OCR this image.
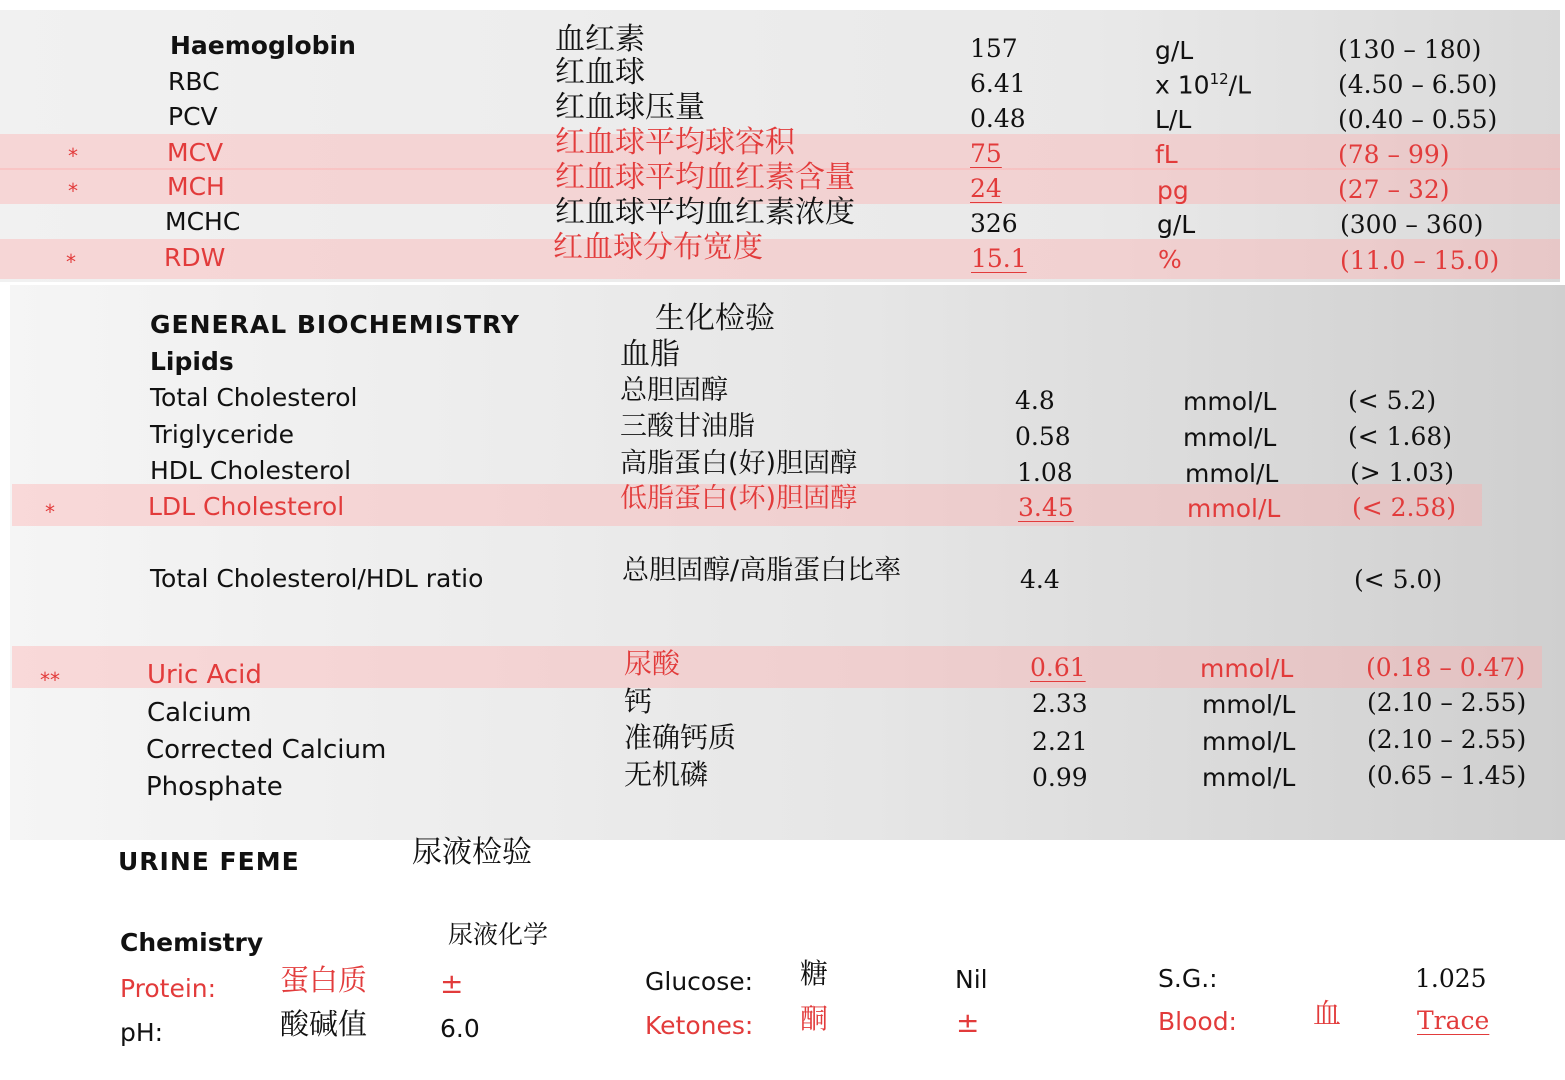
Haemoglobin	血红素	157	g/L	(130 – 180)
RBC	红血球	6.41	x $10^{12}/L$	(4.50 – 6.50)
PCV	红血球压量	0.48	L/L	(0.40 – 0.55)
*	MCV	红血球平均球容积	75	fL	(78 – 99)
*	MCH	红血球平均血红素含量	24	pg	(27 – 32)
MCHC	红血球平均血红素浓度	326	g/L	(300 – 360)
*	RDW	红血球分布宽度	15.1	%	(11.0 – 15.0)
GENERAL BIOCHEMISTRY	生化检验
Lipids	血脂
Total Cholesterol	总胆固醇	4.8	mmol/L	(< 5.2)
Triglyceride	三酸甘油脂	0.58	mmol/L	(< 1.68)
HDL Cholesterol	高脂蛋白(好)胆固醇	1.08	mmol/L	(> 1.03)
*	LDL Cholesterol	低脂蛋白(坏)胆固醇	3.45	mmol/L	(< 2.58)
Total Cholesterol/HDL ratio	总胆固醇/高脂蛋白比率	4.4	(< 5.0)
**	Uric Acid	尿酸	0.61	mmol/L	(0.18 – 0.47)
Calcium	钙	2.33	mmol/L	(2.10 – 2.55)
Corrected Calcium	准确钙质	2.21	mmol/L	(2.10 – 2.55)
Phosphate	无机磷	0.99	mmol/L	(0.65 – 1.45)
URINE FEME	尿液检验
Chemistry	尿液化学
Protein: 蛋白质	±
pH:	酸碱值	6.0
Glucose: 糖	Nil
Ketones: 酮	±
S.G.:	1.025
Blood:	血	Trace
